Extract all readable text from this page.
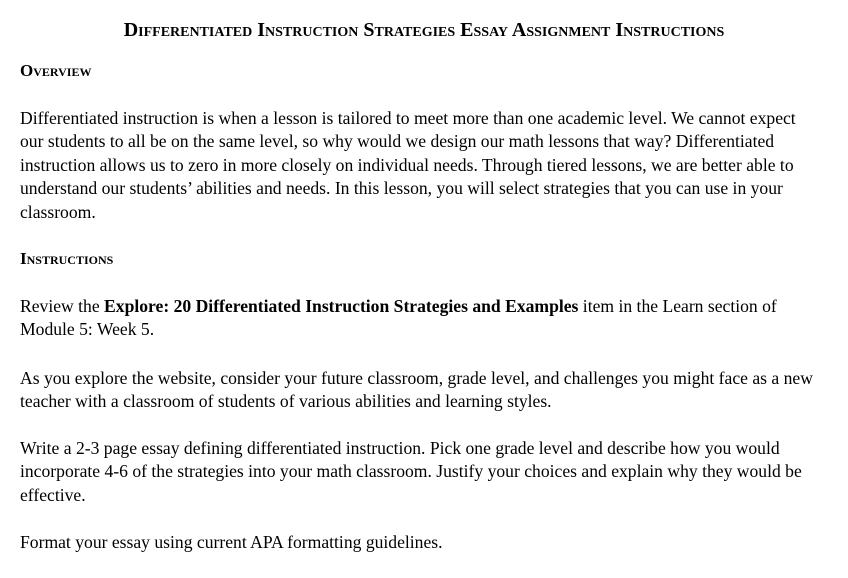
Differentiated Instruction Strategies Essay Assignment Instructions
Overview
Differentiated instruction is when a lesson is tailored to meet more than one academic level. We cannot expect our students to all be on the same level, so why would we design our math lessons that way? Differentiated instruction allows us to zero in more closely on individual needs. Through tiered lessons, we are better able to understand our students’ abilities and needs. In this lesson, you will select strategies that you can use in your classroom.
Instructions
Review the Explore: 20 Differentiated Instruction Strategies and Examples item in the Learn section of Module 5: Week 5.
As you explore the website, consider your future classroom, grade level, and challenges you might face as a new teacher with a classroom of students of various abilities and learning styles.
Write a 2-3 page essay defining differentiated instruction. Pick one grade level and describe how you would incorporate 4-6 of the strategies into your math classroom. Justify your choices and explain why they would be effective.
Format your essay using current APA formatting guidelines.
